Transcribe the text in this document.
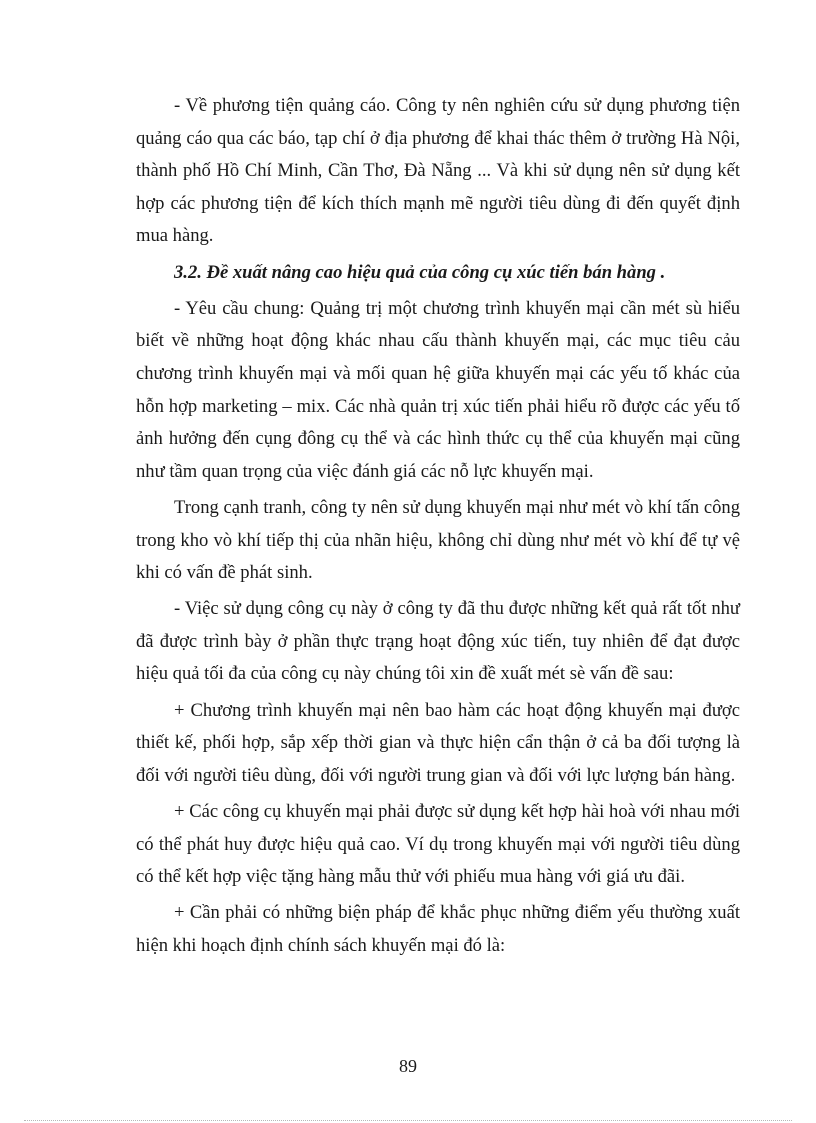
- Về phương tiện quảng cáo. Công ty nên nghiên cứu sử dụng phương tiện quảng cáo qua các báo, tạp chí ở địa phương để khai thác thêm ở trường Hà Nội, thành phố Hồ Chí Minh, Cần Thơ, Đà Nẵng ... Và khi sử dụng nên sử dụng kết hợp các phương tiện để kích thích mạnh mẽ người tiêu dùng đi đến quyết định mua hàng.

3.2. Đề xuất nâng cao hiệu quả của công cụ xúc tiến bán hàng .

- Yêu cầu chung: Quảng trị một chương trình khuyến mại cần mét sù hiểu biết về những hoạt động khác nhau cấu thành khuyến mại, các mục tiêu cảu chương trình khuyến mại và mối quan hệ giữa khuyến mại các yếu tố khác của hỗn hợp marketing – mix. Các nhà quản trị xúc tiến phải hiểu rõ được các yếu tố ảnh hưởng đến cụng đông cụ thể và các hình thức cụ thể của khuyến mại cũng như tầm quan trọng của việc đánh giá các nỗ lực khuyến mại.

Trong cạnh tranh, công ty nên sử dụng khuyến mại như mét vò khí tấn công trong kho vò khí tiếp thị của nhãn hiệu, không chỉ dùng như mét vò khí để tự vệ khi có vấn đề phát sinh.

- Việc sử dụng công cụ này ở công ty đã thu được những kết quả rất tốt như đã được trình bày ở phần thực trạng hoạt động xúc tiến, tuy nhiên để đạt được hiệu quả tối đa của công cụ này chúng tôi xin đề xuất mét sè vấn đề sau:

+ Chương trình khuyến mại nên bao hàm các hoạt động khuyến mại được thiết kế, phối hợp, sắp xếp thời gian và thực hiện cẩn thận ở cả ba đối tượng là đối với người tiêu dùng, đối với người trung gian và đối với lực lượng bán hàng.

+ Các công cụ khuyến mại phải được sử dụng kết hợp hài hoà với nhau mới có thể phát huy được hiệu quả cao. Ví dụ trong khuyến mại với người tiêu dùng có thể kết hợp việc tặng hàng mẫu thử với phiếu mua hàng với giá ưu đãi.

+ Cần phải có những biện pháp để khắc phục những điểm yếu thường xuất hiện khi hoạch định chính sách khuyến mại đó là:

89
